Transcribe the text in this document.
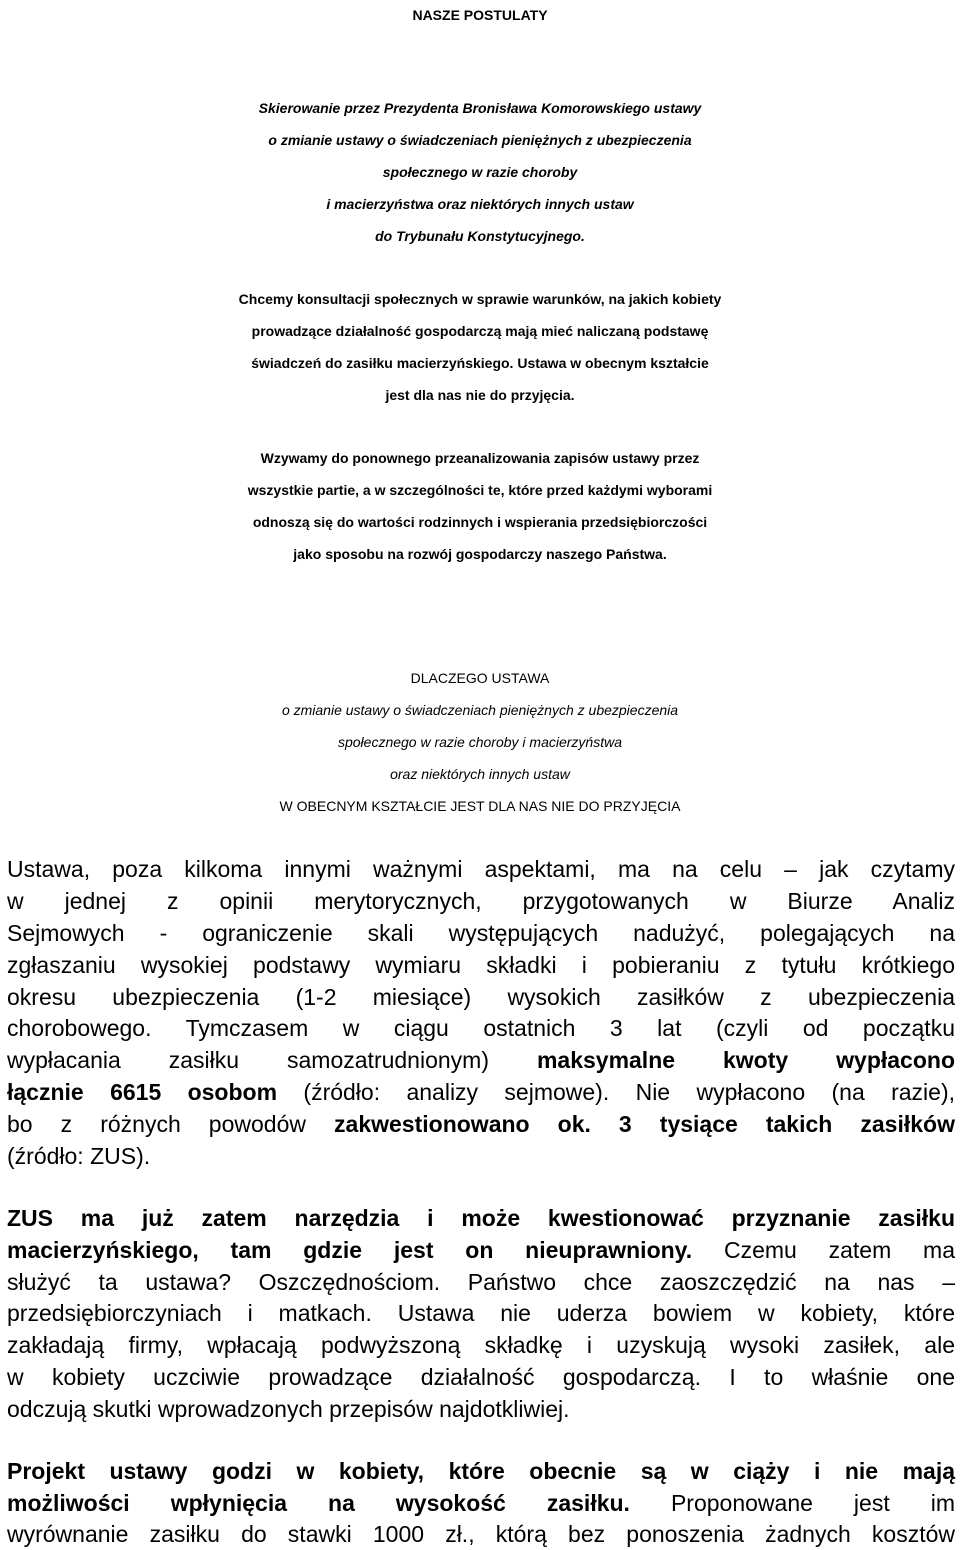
NASZE POSTULATY
Skierowanie przez Prezydenta Bronisława Komorowskiego ustawy
o zmianie ustawy o świadczeniach pieniężnych z ubezpieczenia
społecznego w razie choroby
i macierzyństwa oraz niektórych innych ustaw
do Trybunału Konstytucyjnego.
Chcemy konsultacji społecznych w sprawie warunków, na jakich kobiety
prowadzące działalność gospodarczą mają mieć naliczaną podstawę
świadczeń do zasiłku macierzyńskiego. Ustawa w obecnym kształcie
jest dla nas nie do przyjęcia.
Wzywamy do ponownego przeanalizowania zapisów ustawy przez
wszystkie partie, a w szczególności te, które przed każdymi wyborami
odnoszą się do wartości rodzinnych i wspierania przedsiębiorczości
jako sposobu na rozwój gospodarczy naszego Państwa.
DLACZEGO USTAWA
o zmianie ustawy o świadczeniach pieniężnych z ubezpieczenia
społecznego w razie choroby i macierzyństwa
oraz niektórych innych ustaw
W OBECNYM KSZTAŁCIE JEST DLA NAS NIE DO PRZYJĘCIA
Ustawa, poza kilkoma innymi ważnymi aspektami, ma na celu – jak czytamy
w jednej z opinii merytorycznych, przygotowanych w Biurze Analiz
Sejmowych - ograniczenie skali występujących nadużyć, polegających na
zgłaszaniu wysokiej podstawy wymiaru składki i pobieraniu z tytułu krótkiego
okresu ubezpieczenia (1-2 miesiące) wysokich zasiłków z ubezpieczenia
chorobowego. Tymczasem w ciągu ostatnich 3 lat (czyli od początku
wypłacania zasiłku samozatrudnionym) maksymalne kwoty wypłacono
łącznie 6615 osobom (źródło: analizy sejmowe). Nie wypłacono (na razie),
bo z różnych powodów zakwestionowano ok. 3 tysiące takich zasiłków
(źródło: ZUS).
ZUS ma już zatem narzędzia i może kwestionować przyznanie zasiłku
macierzyńskiego, tam gdzie jest on nieuprawniony. Czemu zatem ma
służyć ta ustawa? Oszczędnościom. Państwo chce zaoszczędzić na nas –
przedsiębiorczyniach i matkach. Ustawa nie uderza bowiem w kobiety, które
zakładają firmy, wpłacają podwyższoną składkę i uzyskują wysoki zasiłek, ale
w kobiety uczciwie prowadzące działalność gospodarczą. I to właśnie one
odczują skutki wprowadzonych przepisów najdotkliwiej.
Projekt ustawy godzi w kobiety, które obecnie są w ciąży i nie mają
możliwości wpłynięcia na wysokość zasiłku. Proponowane jest im
wyrównanie zasiłku do stawki 1000 zł., którą bez ponoszenia żadnych kosztów
